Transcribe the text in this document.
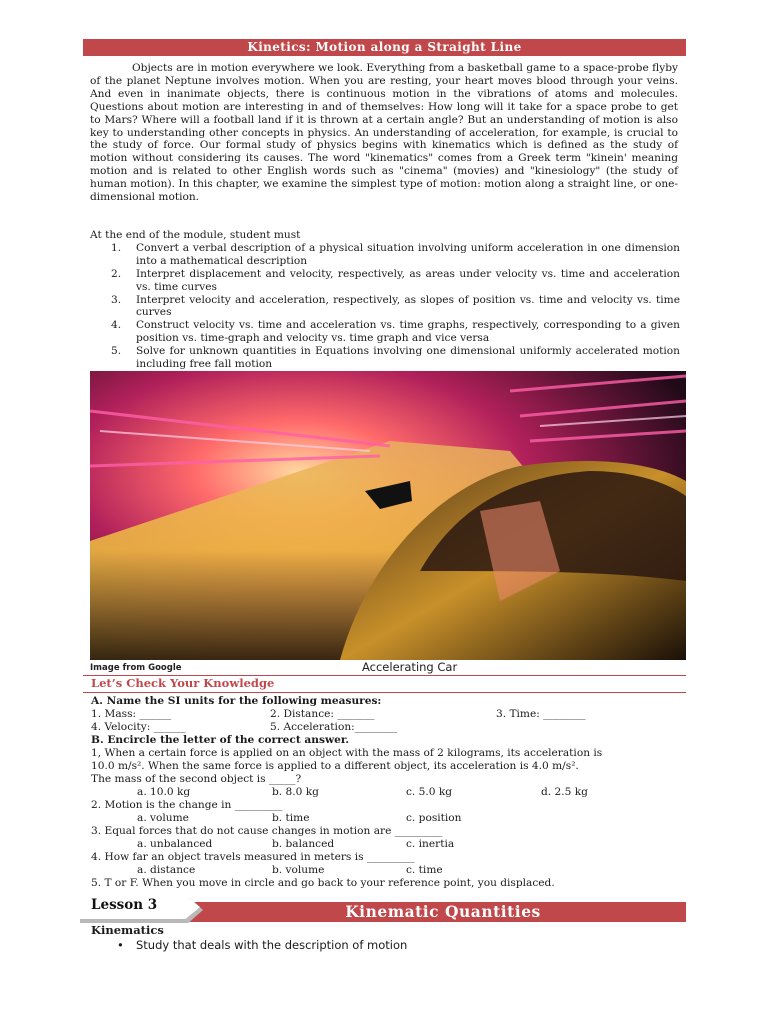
Kinetics: Motion along a Straight Line

Objects are in motion everywhere we look. Everything from a basketball game to a space-probe flyby of the planet Neptune involves motion. When you are resting, your heart moves blood through your veins. And even in inanimate objects, there is continuous motion in the vibrations of atoms and molecules. Questions about motion are interesting in and of themselves: How long will it take for a space probe to get to Mars? Where will a football land if it is thrown at a certain angle? But an understanding of motion is also key to understanding other concepts in physics. An understanding of acceleration, for example, is crucial to the study of force. Our formal study of physics begins with kinematics which is defined as the study of motion without considering its causes. The word "kinematics" comes from a Greek term "kinein' meaning motion and is related to other English words such as "cinema" (movies) and "kinesiology" (the study of human motion). In this chapter, we examine the simplest type of motion: motion along a straight line, or one-dimensional motion.

At the end of the module, student must

1. Convert a verbal description of a physical situation involving uniform acceleration in one dimension into a mathematical description
2. Interpret displacement and velocity, respectively, as areas under velocity vs. time and acceleration vs. time curves
3. Interpret velocity and acceleration, respectively, as slopes of position vs. time and velocity vs. time curves
4. Construct velocity vs. time and acceleration vs. time graphs, respectively, corresponding to a given position vs. time-graph and velocity vs. time graph and vice versa
5. Solve for unknown quantities in Equations involving one dimensional uniformly accelerated motion including free fall motion
Image from Google	Accelerating Car
Let’s Check Your Knowledge
A. Name the SI units for the following measures:
1. Mass: ______	2. Distance: _______	3. Time: ________
4. Velocity: ______	5. Acceleration:________
B. Encircle the letter of the correct answer.
1, When a certain force is applied on an object with the mass of 2 kilograms, its acceleration is
10.0 m/s². When the same force is applied to a different object, its acceleration is 4.0 m/s².
The mass of the second object is _____?
a. 10.0 kg	b. 8.0 kg	c. 5.0 kg	d. 2.5 kg
2. Motion is the change in _________
a. volume	b. time	c. position
3. Equal forces that do not cause changes in motion are _________
a. unbalanced	b. balanced	c. inertia
4. How far an object travels measured in meters is _________
a. distance	b. volume	c. time
5. T or F. When you move in circle and go back to your reference point, you displaced.
Lesson 3	Kinematic Quantities
Kinematics
• Study that deals with the description of motion
